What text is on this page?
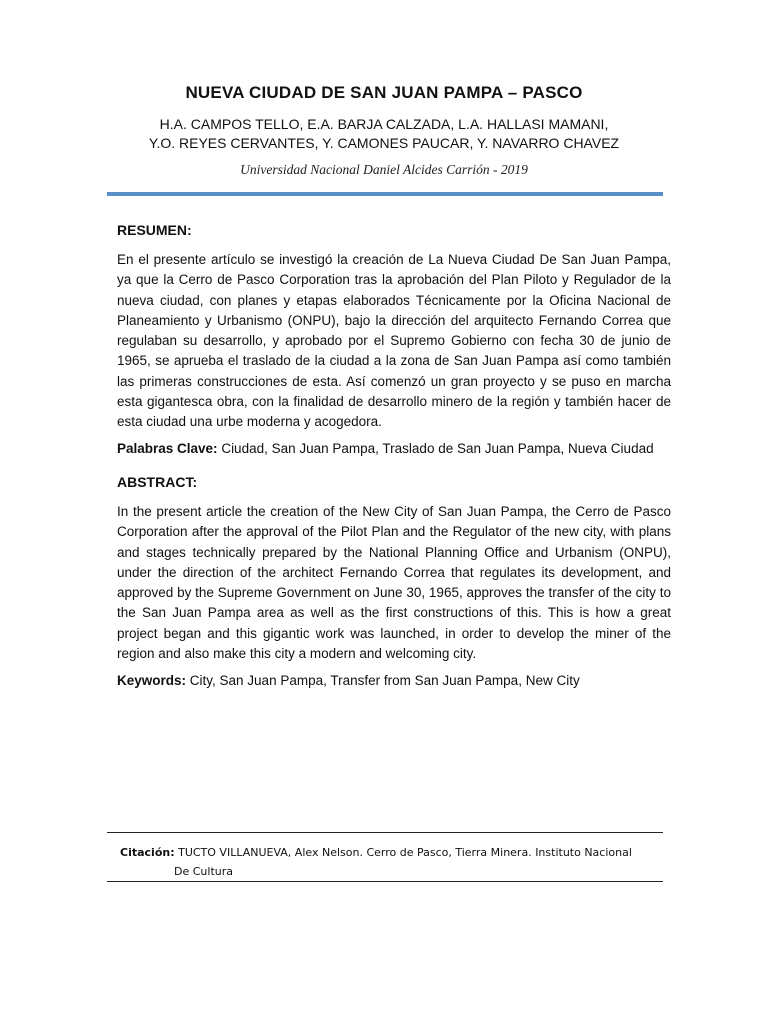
NUEVA CIUDAD DE SAN JUAN PAMPA – PASCO
H.A. CAMPOS TELLO, E.A. BARJA CALZADA, L.A. HALLASI MAMANI,
Y.O. REYES CERVANTES, Y. CAMONES PAUCAR, Y. NAVARRO CHAVEZ
Universidad Nacional Daniel Alcides Carrión - 2019
RESUMEN:
En el presente artículo se investigó la creación de La Nueva Ciudad De San Juan Pampa, ya que la Cerro de Pasco Corporation tras la aprobación del Plan Piloto y Regulador de la nueva ciudad, con planes y etapas elaborados Técnicamente por la Oficina Nacional de Planeamiento y Urbanismo (ONPU), bajo la dirección del arquitecto Fernando Correa que regulaban su desarrollo, y aprobado por el Supremo Gobierno con fecha 30 de junio de 1965, se aprueba el traslado de la ciudad a la zona de San Juan Pampa así como también las primeras construcciones de esta. Así comenzó un gran proyecto y se puso en marcha esta gigantesca obra, con la finalidad de desarrollo minero de la región y también hacer de esta ciudad una urbe moderna y acogedora.
Palabras Clave: Ciudad, San Juan Pampa, Traslado de San Juan Pampa, Nueva Ciudad
ABSTRACT:
In the present article the creation of the New City of San Juan Pampa, the Cerro de Pasco Corporation after the approval of the Pilot Plan and the Regulator of the new city, with plans and stages technically prepared by the National Planning Office and Urbanism (ONPU), under the direction of the architect Fernando Correa that regulates its development, and approved by the Supreme Government on June 30, 1965, approves the transfer of the city to the San Juan Pampa area as well as the first constructions of this. This is how a great project began and this gigantic work was launched, in order to develop the miner of the region and also make this city a modern and welcoming city.
Keywords: City, San Juan Pampa, Transfer from San Juan Pampa, New City
Citación: TUCTO VILLANUEVA, Alex Nelson. Cerro de Pasco, Tierra Minera. Instituto Nacional
De Cultura
